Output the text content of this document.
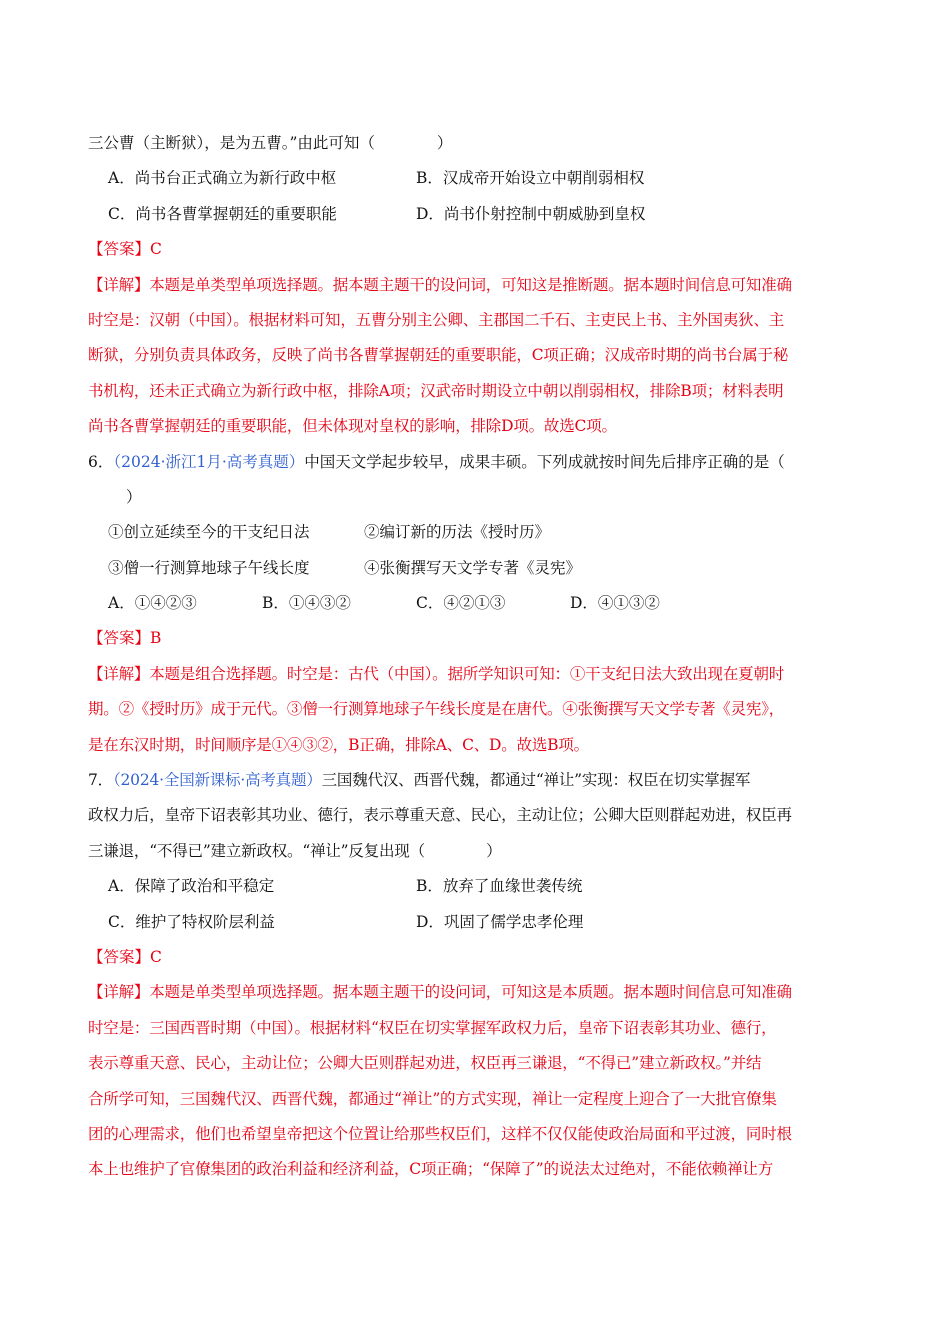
三公曹（主断狱），是为五曹。”由此可知（　　　　）
A．尚书台正式确立为新行政中枢	B．汉成帝开始设立中朝削弱相权
C．尚书各曹掌握朝廷的重要职能	D．尚书仆射控制中朝威胁到皇权
【答案】C
【详解】本题是单类型单项选择题。据本题主题干的设问词，可知这是推断题。据本题时间信息可知准确
时空是：汉朝（中国）。根据材料可知，五曹分别主公卿、主郡国二千石、主吏民上书、主外国夷狄、主
断狱，分别负责具体政务，反映了尚书各曹掌握朝廷的重要职能，C项正确；汉成帝时期的尚书台属于秘
书机构，还未正式确立为新行政中枢，排除A项；汉武帝时期设立中朝以削弱相权，排除B项；材料表明
尚书各曹掌握朝廷的重要职能，但未体现对皇权的影响，排除D项。故选C项。
6．（2024·浙江1月·高考真题）中国天文学起步较早，成果丰硕。下列成就按时间先后排序正确的是（
）
①创立延续至今的干支纪日法	②编订新的历法《授时历》
③僧一行测算地球子午线长度	④张衡撰写天文学专著《灵宪》
A．①④②③	B．①④③②	C．④②①③	D．④①③②
【答案】B
【详解】本题是组合选择题。时空是：古代（中国）。据所学知识可知：①干支纪日法大致出现在夏朝时
期。②《授时历》成于元代。③僧一行测算地球子午线长度是在唐代。④张衡撰写天文学专著《灵宪》，
是在东汉时期，时间顺序是①④③②，B正确，排除A、C、D。故选B项。
7．（2024·全国新课标·高考真题）三国魏代汉、西晋代魏，都通过“禅让”实现：权臣在切实掌握军
政权力后，皇帝下诏表彰其功业、德行，表示尊重天意、民心，主动让位；公卿大臣则群起劝进，权臣再
三谦退，“不得已”建立新政权。“禅让”反复出现（　　　　）
A．保障了政治和平稳定	B．放弃了血缘世袭传统
C．维护了特权阶层利益	D．巩固了儒学忠孝伦理
【答案】C
【详解】本题是单类型单项选择题。据本题主题干的设问词，可知这是本质题。据本题时间信息可知准确
时空是：三国西晋时期（中国）。根据材料“权臣在切实掌握军政权力后，皇帝下诏表彰其功业、德行，
表示尊重天意、民心，主动让位；公卿大臣则群起劝进，权臣再三谦退，“不得已”建立新政权。”并结
合所学可知，三国魏代汉、西晋代魏，都通过“禅让”的方式实现，禅让一定程度上迎合了一大批官僚集
团的心理需求，他们也希望皇帝把这个位置让给那些权臣们，这样不仅仅能使政治局面和平过渡，同时根
本上也维护了官僚集团的政治利益和经济利益，C项正确；“保障了”的说法太过绝对，不能依赖禅让方
